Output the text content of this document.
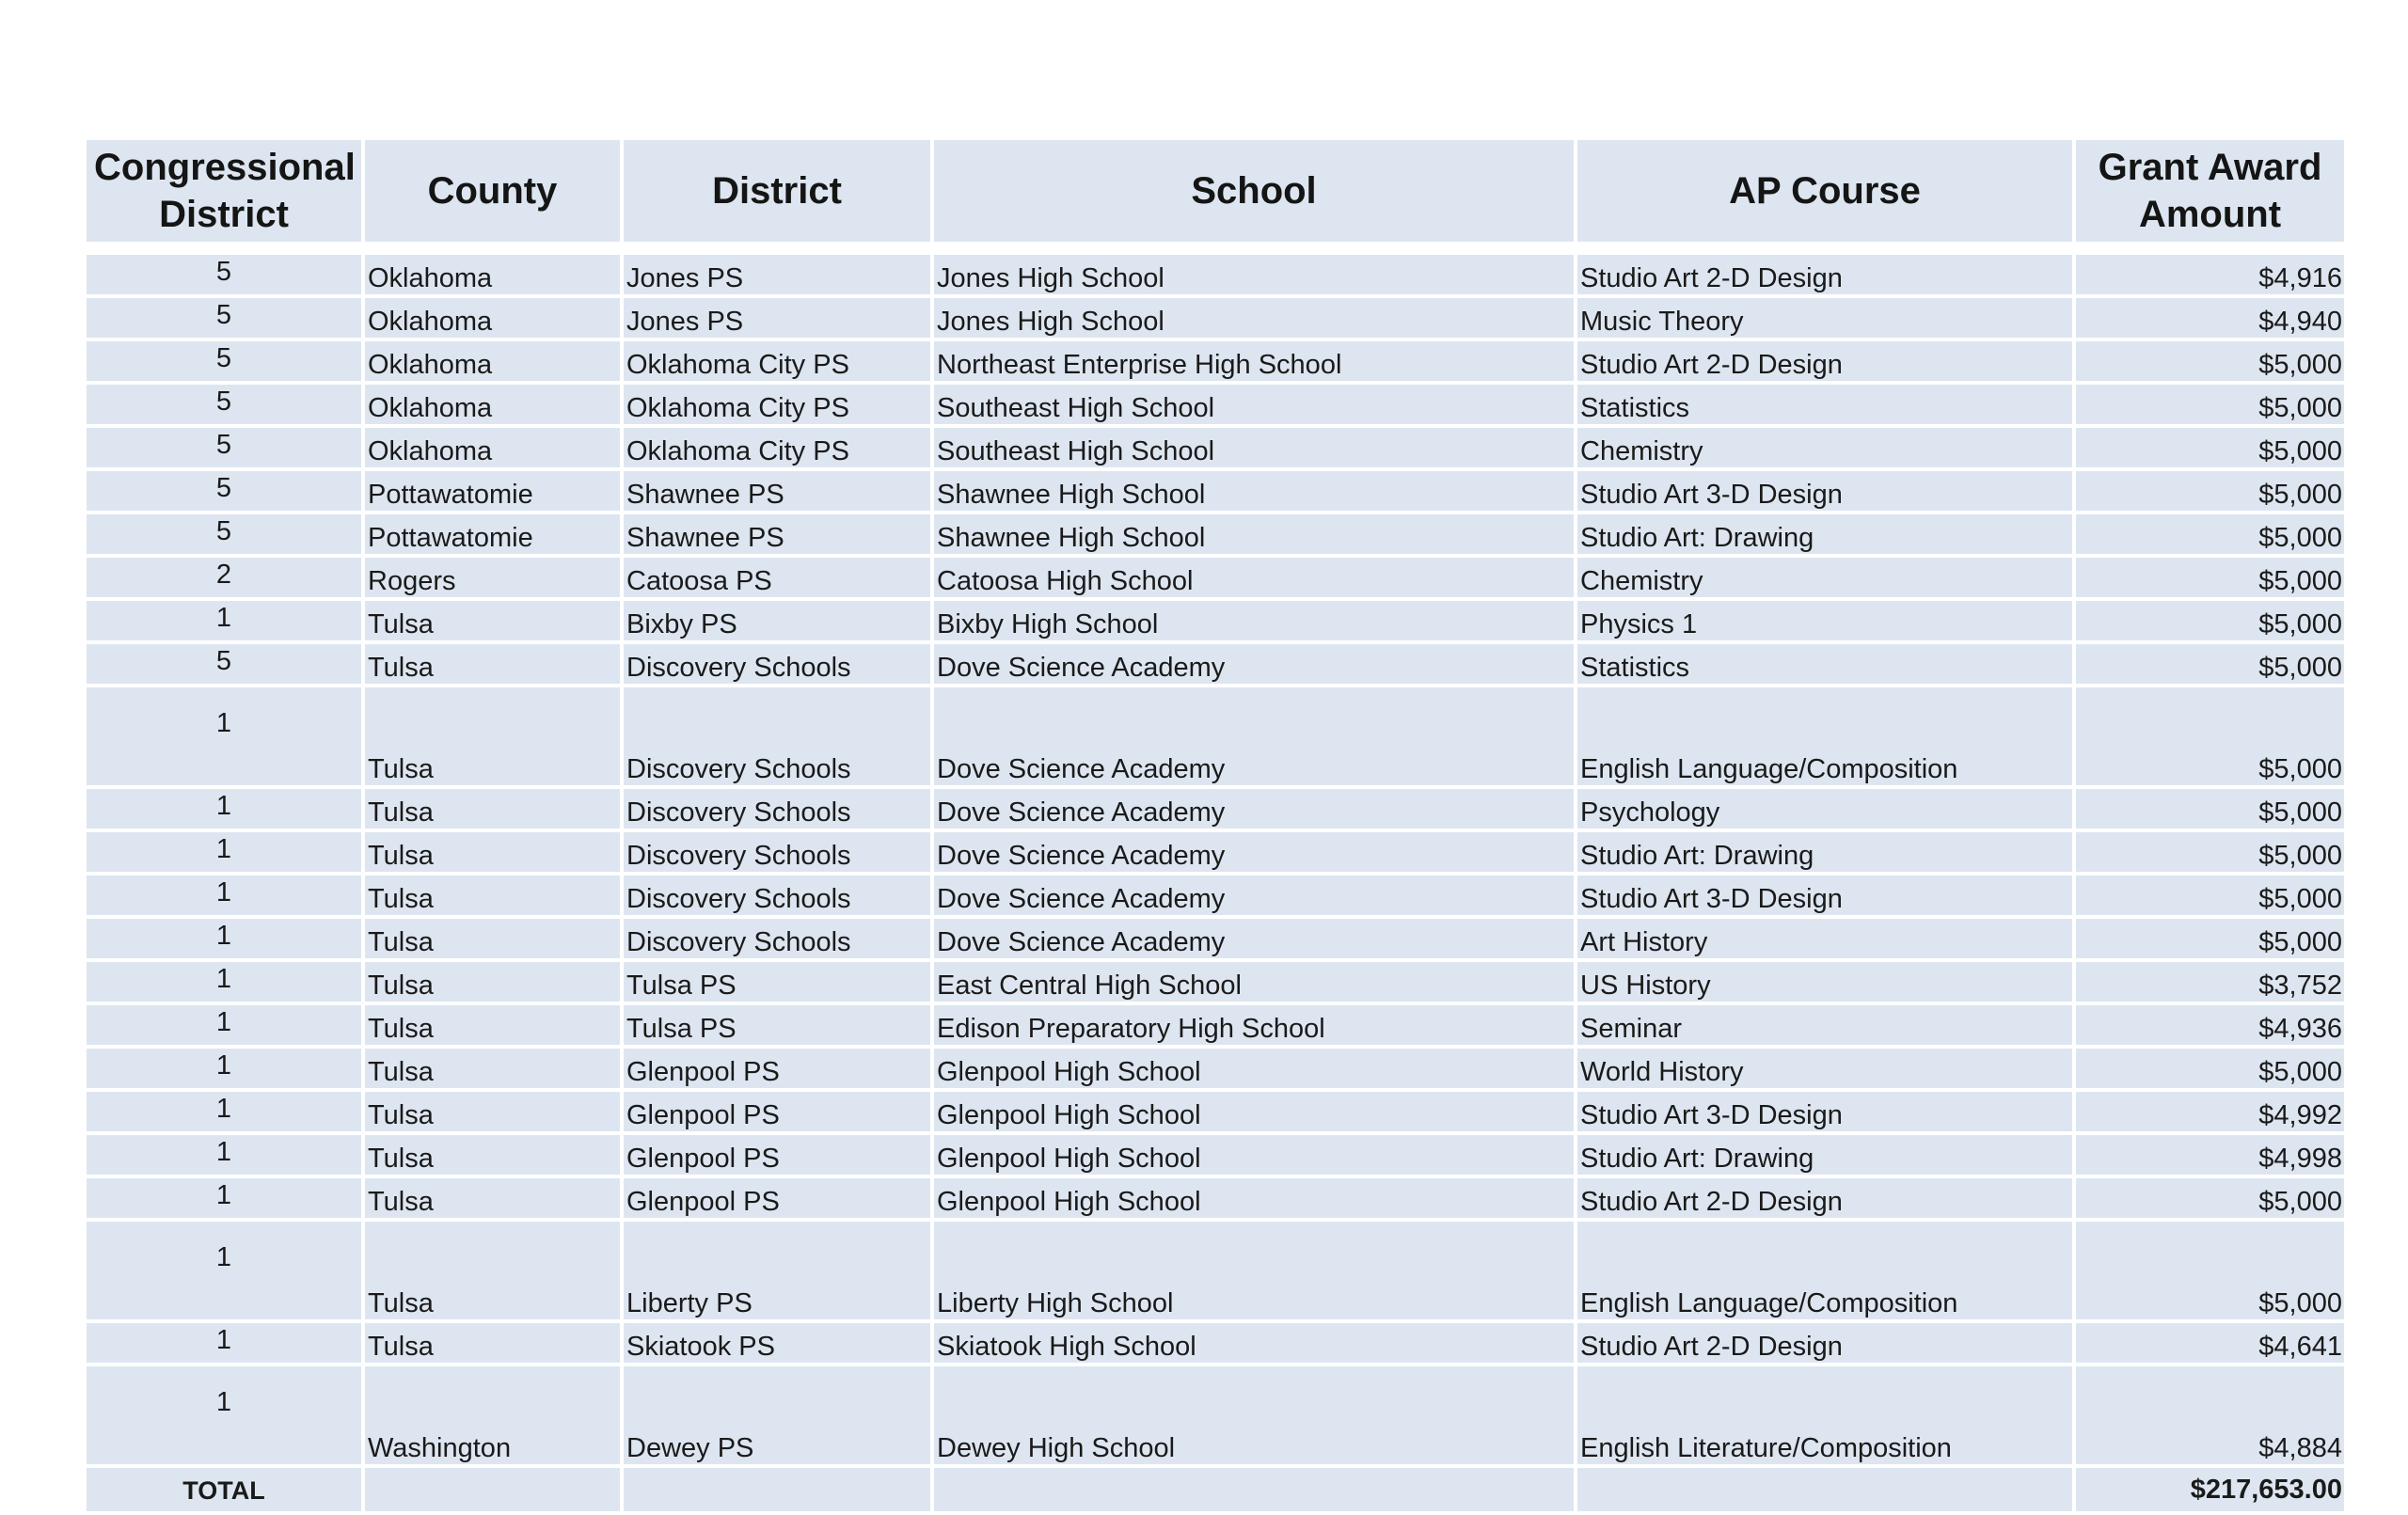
Congressional District	County	District	School	AP Course	Grant Award Amount

5	Oklahoma	Jones PS	Jones High School	Studio Art 2-D Design	$4,916
5	Oklahoma	Jones PS	Jones High School	Music Theory	$4,940
5	Oklahoma	Oklahoma City PS	Northeast Enterprise High School	Studio Art 2-D Design	$5,000
5	Oklahoma	Oklahoma City PS	Southeast High School	Statistics	$5,000
5	Oklahoma	Oklahoma City PS	Southeast High School	Chemistry	$5,000
5	Pottawatomie	Shawnee PS	Shawnee High School	Studio Art 3-D Design	$5,000
5	Pottawatomie	Shawnee PS	Shawnee High School	Studio Art: Drawing	$5,000
2	Rogers	Catoosa PS	Catoosa High School	Chemistry	$5,000
1	Tulsa	Bixby PS	Bixby High School	Physics 1	$5,000
5	Tulsa	Discovery Schools	Dove Science Academy	Statistics	$5,000
1	Tulsa	Discovery Schools	Dove Science Academy	English Language/Composition	$5,000
1	Tulsa	Discovery Schools	Dove Science Academy	Psychology	$5,000
1	Tulsa	Discovery Schools	Dove Science Academy	Studio Art: Drawing	$5,000
1	Tulsa	Discovery Schools	Dove Science Academy	Studio Art 3-D Design	$5,000
1	Tulsa	Discovery Schools	Dove Science Academy	Art History	$5,000
1	Tulsa	Tulsa PS	East Central High School	US History	$3,752
1	Tulsa	Tulsa PS	Edison Preparatory High School	Seminar	$4,936
1	Tulsa	Glenpool PS	Glenpool High School	World History	$5,000
1	Tulsa	Glenpool PS	Glenpool High School	Studio Art 3-D Design	$4,992
1	Tulsa	Glenpool PS	Glenpool High School	Studio Art: Drawing	$4,998
1	Tulsa	Glenpool PS	Glenpool High School	Studio Art 2-D Design	$5,000
1	Tulsa	Liberty PS	Liberty High School	English Language/Composition	$5,000
1	Tulsa	Skiatook PS	Skiatook High School	Studio Art 2-D Design	$4,641
1	Washington	Dewey PS	Dewey High School	English Literature/Composition	$4,884
TOTAL					$217,653.00
